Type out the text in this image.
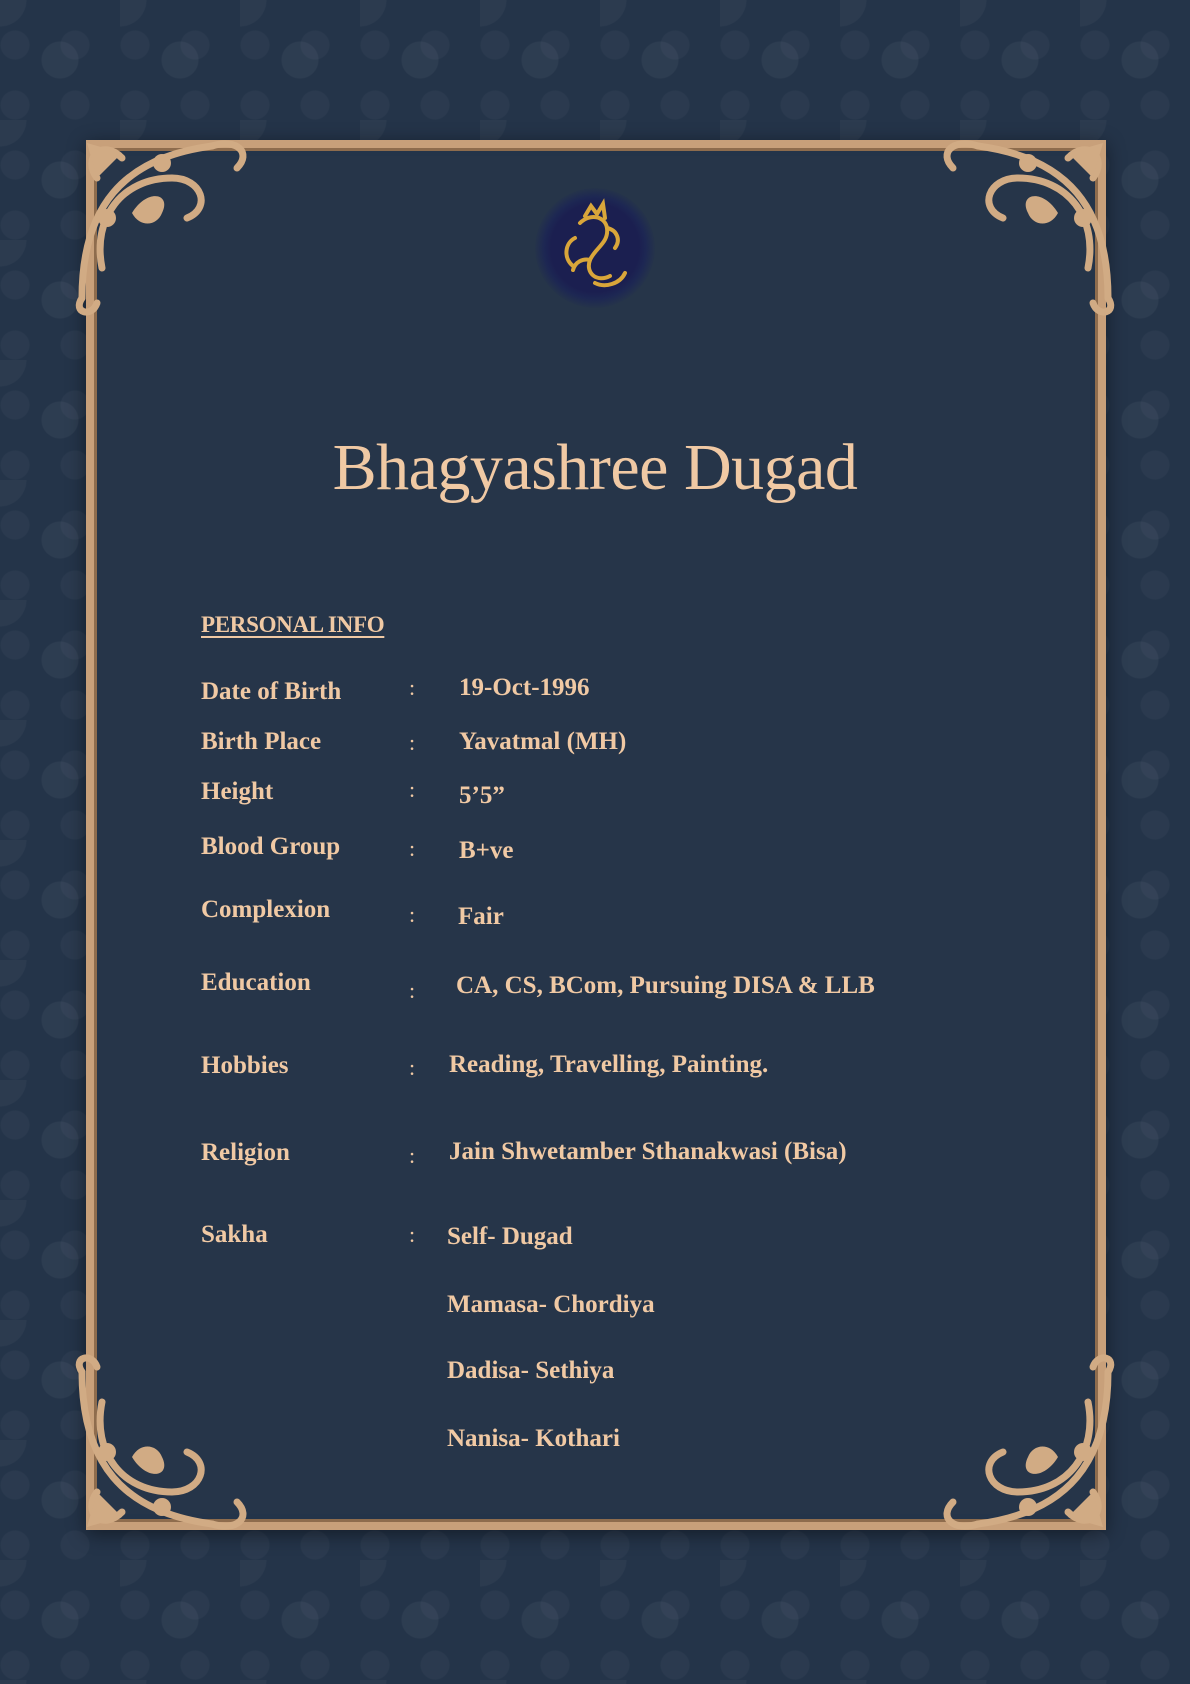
Bhagyashree Dugad
PERSONAL INFO
Date of Birth	: 19-Oct-1996
Birth Place	: Yavatmal (MH)
Height	: 5’5”
Blood Group	: B+ve
Complexion	: Fair
Education	: CA, CS, BCom, Pursuing DISA & LLB
Hobbies	: Reading, Travelling, Painting.
Religion	: Jain Shwetamber Sthanakwasi (Bisa)
Sakha	: Self- Dugad
Mamasa- Chordiya
Dadisa- Sethiya
Nanisa- Kothari
